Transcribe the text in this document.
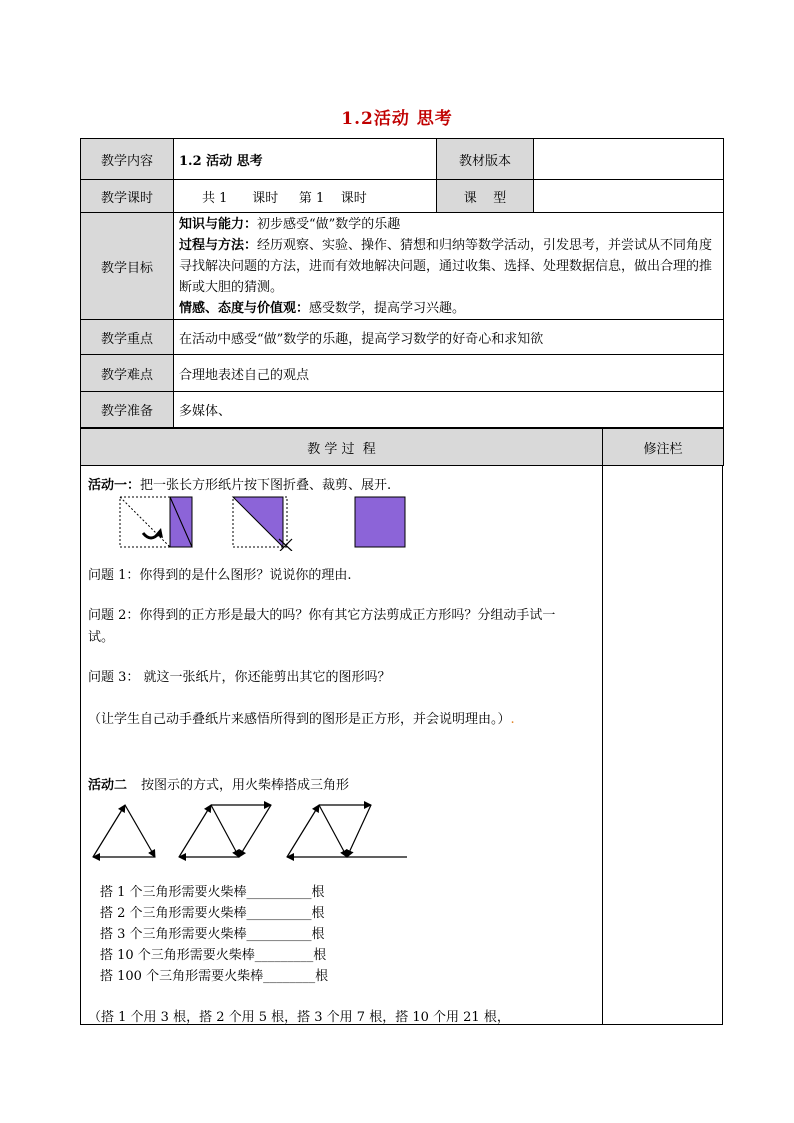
1.2活动 思考
教学内容	1.2 活动 思考	教材版本	
教学课时	共 1      课时     第 1    课时	课    型	
教学目标	知识与能力：初步感受“做”数学的乐趣
过程与方法：经历观察、实验、操作、猜想和归纳等数学活动，引发思考，并尝试从不同角度寻找解决问题的方法，进而有效地解决问题，通过收集、选择、处理数据信息，做出合理的推断或大胆的猜测。
情感、态度与价值观：感受数学，提高学习兴趣。		
教学重点	在活动中感受“做”数学的乐趣，提高学习数学的好奇心和求知欲		
教学难点	合理地表述自己的观点		
教学准备	多媒体、		
教 学 过  程	修注栏
活动一：把一张长方形纸片按下图折叠、裁剪、展开.
问题 1：你得到的是什么图形？说说你的理由.
问题 2：你得到的正方形是最大的吗？你有其它方法剪成正方形吗？分组动手试一
试。
问题 3： 就这一张纸片，你还能剪出其它的图形吗？
（让学生自己动手叠纸片来感悟所得到的图形是正方形，并会说明理由。）.
活动二 按图示的方式，用火柴棒搭成三角形
搭 1 个三角形需要火柴棒__________根
搭 2 个三角形需要火柴棒__________根
搭 3 个三角形需要火柴棒__________根
搭 10 个三角形需要火柴棒_________根
搭 100 个三角形需要火柴棒________根
（搭 1 个用 3 根，搭 2 个用 5 根，搭 3 个用 7 根，搭 10 个用 21 根，
